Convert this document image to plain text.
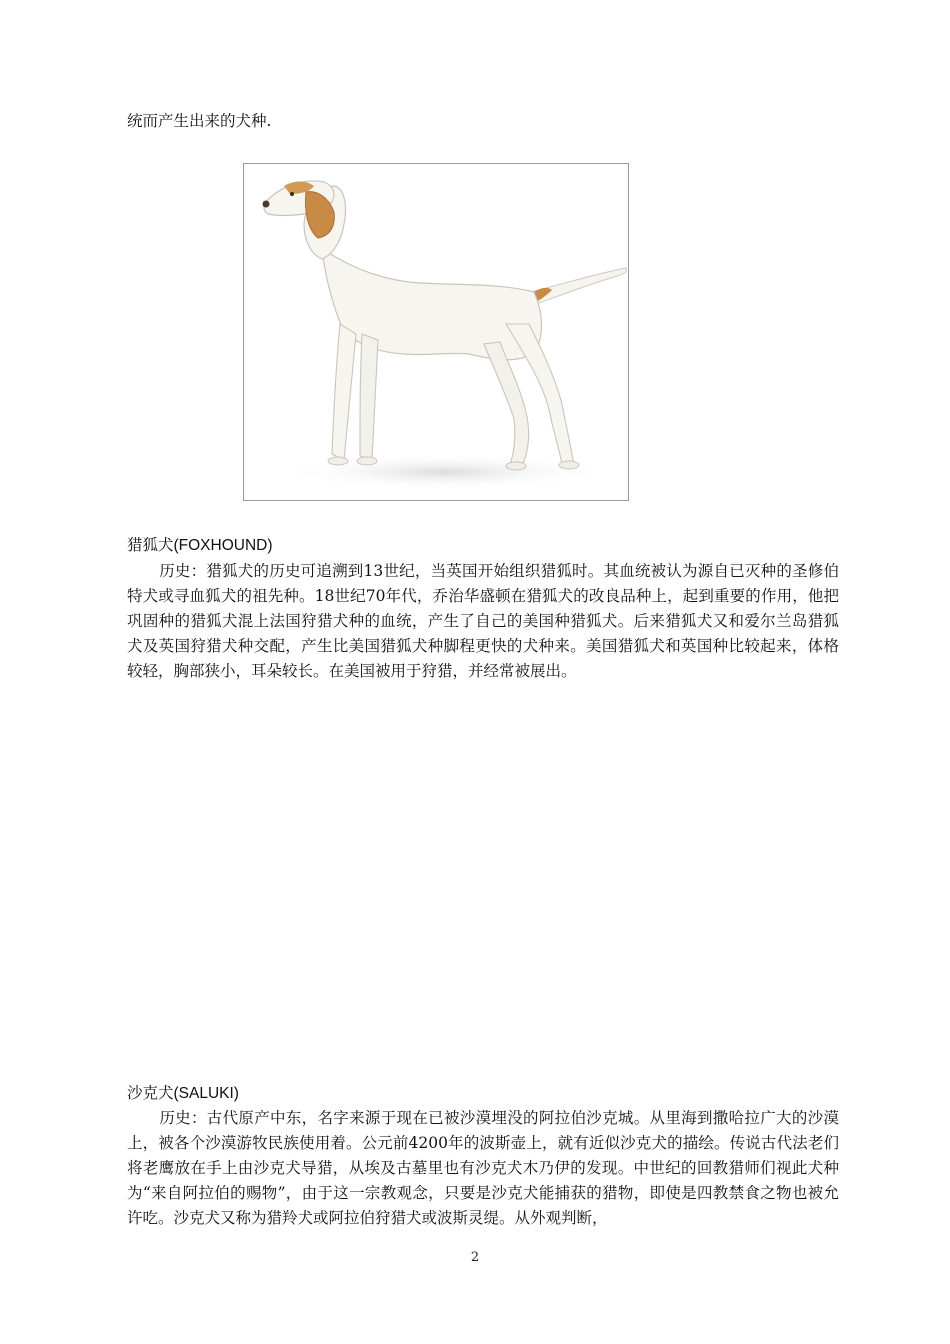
统而产生出来的犬种.
猎狐犬(FOXHOUND)

历史：猎狐犬的历史可追溯到13世纪，当英国开始组织猎狐时。其血统被认为源自已灭种的圣修伯特犬或寻血狐犬的祖先种。18世纪70年代，乔治华盛顿在猎狐犬的改良品种上，起到重要的作用，他把巩固种的猎狐犬混上法国狩猎犬种的血统，产生了自己的美国种猎狐犬。后来猎狐犬又和爱尔兰岛猎狐犬及英国狩猎犬种交配，产生比美国猎狐犬种脚程更快的犬种来。美国猎狐犬和英国种比较起来，体格较轻，胸部狭小，耳朵较长。在美国被用于狩猎，并经常被展出。

沙克犬(SALUKI)

历史：古代原产中东，名字来源于现在已被沙漠埋没的阿拉伯沙克城。从里海到撒哈拉广大的沙漠上，被各个沙漠游牧民族使用着。公元前4200年的波斯壶上，就有近似沙克犬的描绘。传说古代法老们将老鹰放在手上由沙克犬导猎，从埃及古墓里也有沙克犬木乃伊的发现。中世纪的回教猎师们视此犬种为“来自阿拉伯的赐物”，由于这一宗教观念，只要是沙克犬能捕获的猎物，即使是四教禁食之物也被允许吃。沙克犬又称为猎羚犬或阿拉伯狩猎犬或波斯灵缇。从外观判断，

2
